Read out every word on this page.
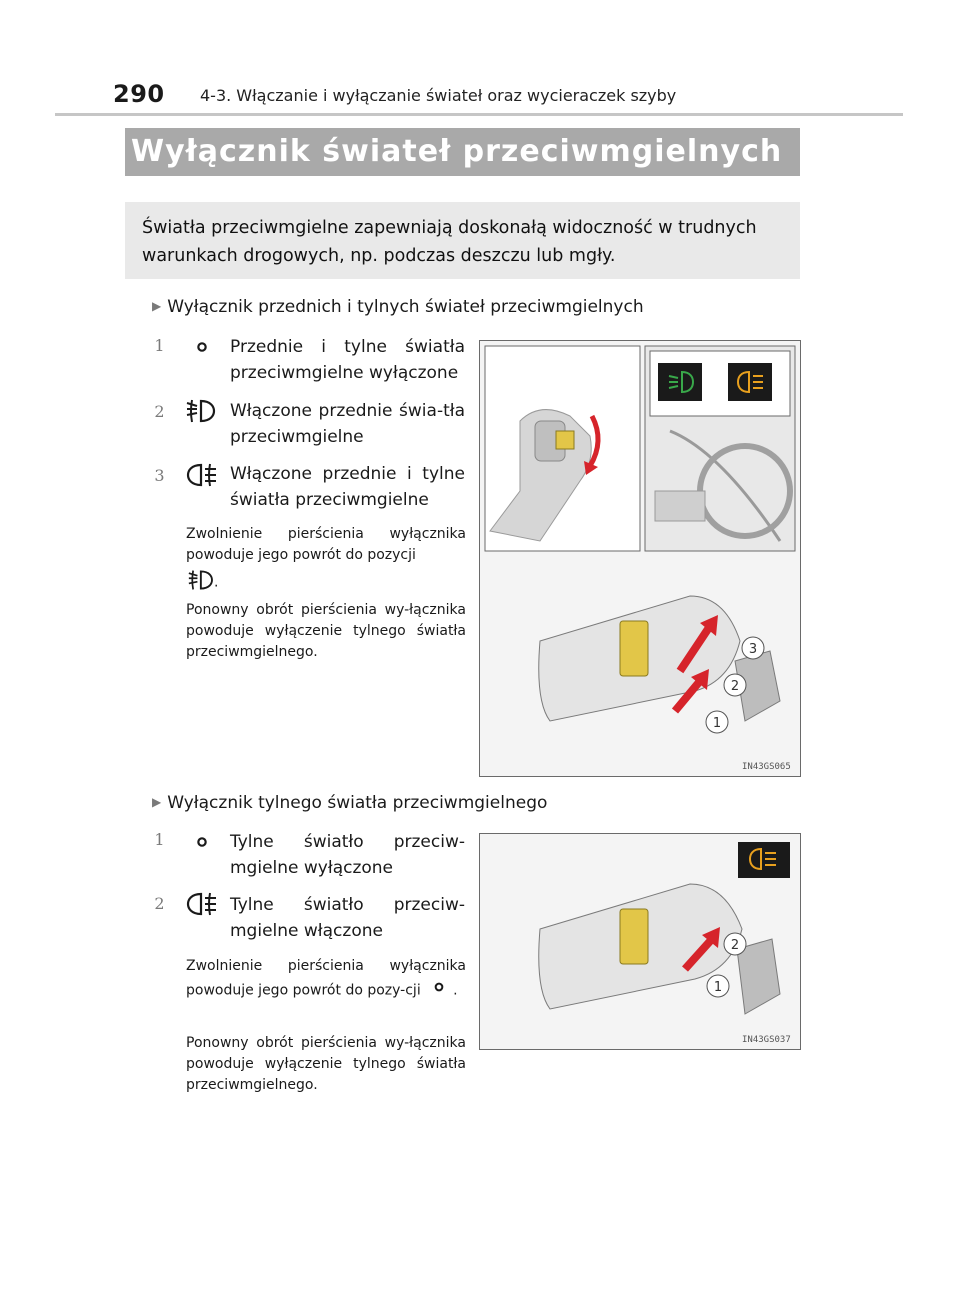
290 4-3. Włączanie i wyłączanie świateł oraz wycieraczek szyby
Wyłącznik świateł przeciwmgielnych
Światła przeciwmgielne zapewniają doskonałą widoczność w trudnych warunkach drogowych, np. podczas deszczu lub mgły.
▶ Wyłącznik przednich i tylnych świateł przeciwmgielnych
1	Przednie i tylne światła przeciwmgielne wyłączone
2	Włączone przednie świa-tła przeciwmgielne
3	Włączone przednie i tylne światła przeciwmgielne
Zwolnienie pierścienia wyłącznika powoduje jego powrót do pozycji
.
Ponowny obrót pierścienia wy-łącznika powoduje wyłączenie tylnego światła przeciwmgielnego.	3
2
1
IN43GS065
▶ Wyłącznik tylnego światła przeciwmgielnego
1	Tylne światło przeciw-mgielne wyłączone
2	Tylne światło przeciw-mgielne włączone
Zwolnienie pierścienia wyłącznika powoduje jego powrót do pozy-cji .
Ponowny obrót pierścienia wy-łącznika powoduje wyłączenie tylnego światła przeciwmgielnego.
2
1
IN43GS037
